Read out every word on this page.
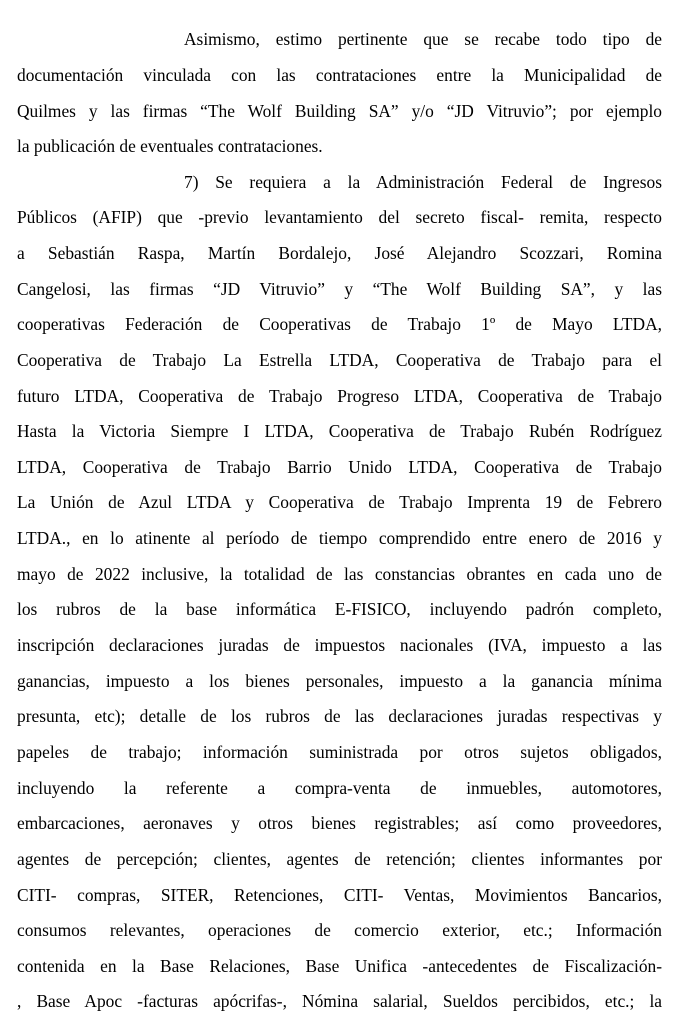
Asimismo, estimo pertinente que se recabe todo tipo de
documentación vinculada con las contrataciones entre la Municipalidad de
Quilmes y las firmas “The Wolf Building SA” y/o “JD Vitruvio”; por ejemplo
la publicación de eventuales contrataciones.
7) Se requiera a la Administración Federal de Ingresos
Públicos (AFIP) que -previo levantamiento del secreto fiscal- remita, respecto
a Sebastián Raspa, Martín Bordalejo, José Alejandro Scozzari, Romina
Cangelosi, las firmas “JD Vitruvio” y “The Wolf Building SA”, y las
cooperativas Federación de Cooperativas de Trabajo 1º de Mayo LTDA,
Cooperativa de Trabajo La Estrella LTDA, Cooperativa de Trabajo para el
futuro LTDA, Cooperativa de Trabajo Progreso LTDA, Cooperativa de Trabajo
Hasta la Victoria Siempre I LTDA, Cooperativa de Trabajo Rubén Rodríguez
LTDA, Cooperativa de Trabajo Barrio Unido LTDA, Cooperativa de Trabajo
La Unión de Azul LTDA y Cooperativa de Trabajo Imprenta 19 de Febrero
LTDA., en lo atinente al período de tiempo comprendido entre enero de 2016 y
mayo de 2022 inclusive, la totalidad de las constancias obrantes en cada uno de
los rubros de la base informática E-FISICO, incluyendo padrón completo,
inscripción declaraciones juradas de impuestos nacionales (IVA, impuesto a las
ganancias, impuesto a los bienes personales, impuesto a la ganancia mínima
presunta, etc); detalle de los rubros de las declaraciones juradas respectivas y
papeles de trabajo; información suministrada por otros sujetos obligados,
incluyendo la referente a compra-venta de inmuebles, automotores,
embarcaciones, aeronaves y otros bienes registrables; así como proveedores,
agentes de percepción; clientes, agentes de retención; clientes informantes por
CITI- compras, SITER, Retenciones, CITI- Ventas, Movimientos Bancarios,
consumos relevantes, operaciones de comercio exterior, etc.; Información
contenida en la Base Relaciones, Base Unifica -antecedentes de Fiscalización-
, Base Apoc -facturas apócrifas-, Nómina salarial, Sueldos percibidos, etc.; la
